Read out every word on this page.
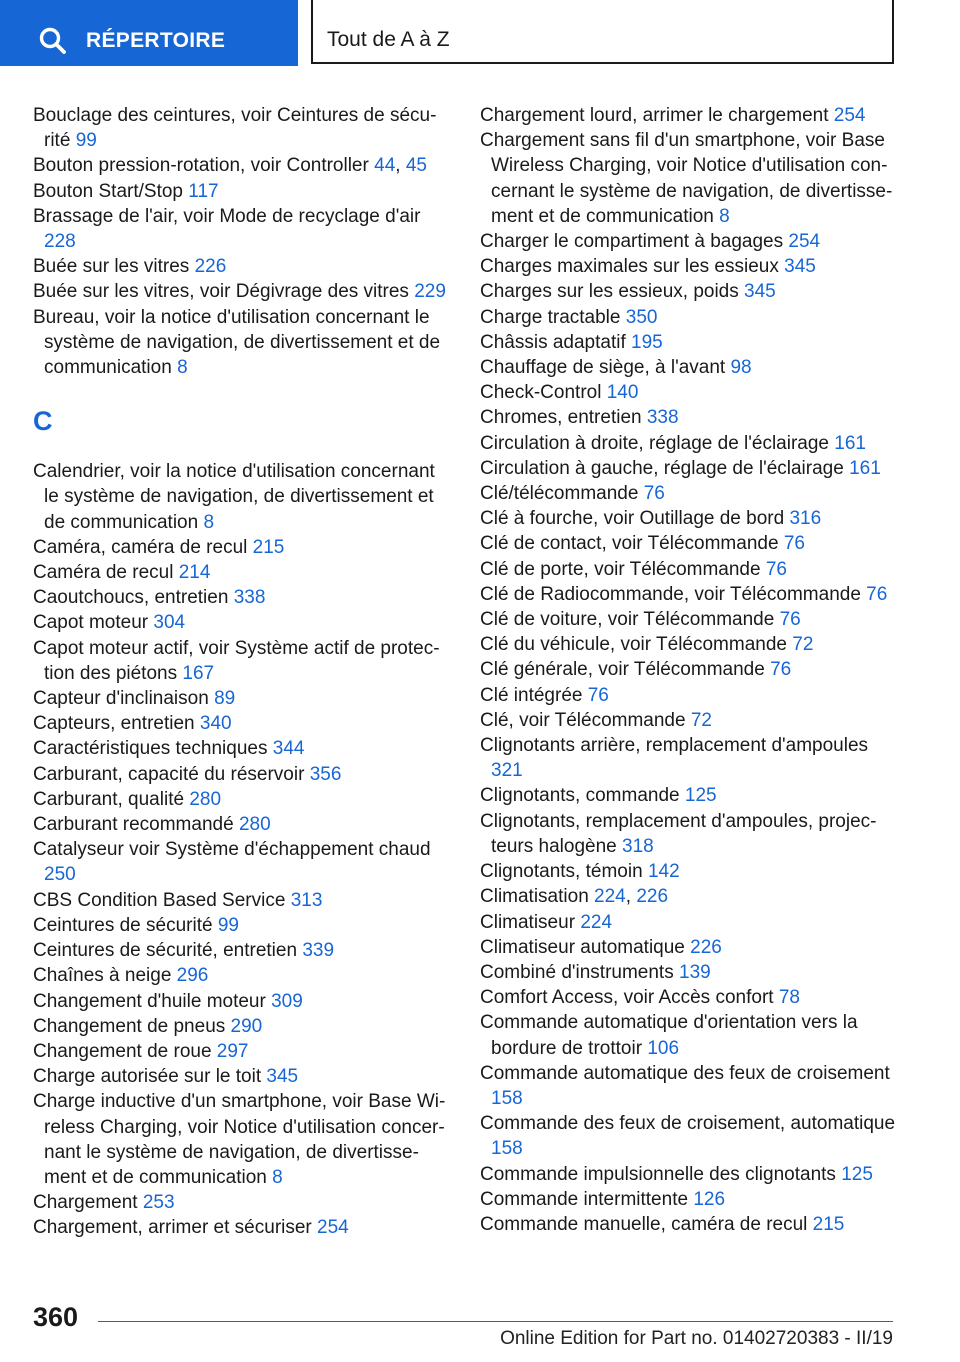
RÉPERTOIRE	Tout de A à Z
Bouclage des ceintures, voir Ceintures de sécurité 99
Bouton pression-rotation, voir Controller 44, 45
Bouton Start/Stop 117
Brassage de l'air, voir Mode de recyclage d'air 228
Buée sur les vitres 226
Buée sur les vitres, voir Dégivrage des vitres 229
Bureau, voir la notice d'utilisation concernant le système de navigation, de divertissement et de communication 8
C
Calendrier, voir la notice d'utilisation concernant le système de navigation, de divertissement et de communication 8
Caméra, caméra de recul 215
Caméra de recul 214
Caoutchoucs, entretien 338
Capot moteur 304
Capot moteur actif, voir Système actif de protection des piétons 167
Capteur d'inclinaison 89
Capteurs, entretien 340
Caractéristiques techniques 344
Carburant, capacité du réservoir 356
Carburant, qualité 280
Carburant recommandé 280
Catalyseur voir Système d'échappement chaud 250
CBS Condition Based Service 313
Ceintures de sécurité 99
Ceintures de sécurité, entretien 339
Chaînes à neige 296
Changement d'huile moteur 309
Changement de pneus 290
Changement de roue 297
Charge autorisée sur le toit 345
Charge inductive d'un smartphone, voir Base Wireless Charging, voir Notice d'utilisation concernant le système de navigation, de divertissement et de communication 8
Chargement 253
Chargement, arrimer et sécuriser 254
Chargement lourd, arrimer le chargement 254
Chargement sans fil d'un smartphone, voir Base Wireless Charging, voir Notice d'utilisation concernant le système de navigation, de divertissement et de communication 8
Charger le compartiment à bagages 254
Charges maximales sur les essieux 345
Charges sur les essieux, poids 345
Charge tractable 350
Châssis adaptatif 195
Chauffage de siège, à l'avant 98
Check-Control 140
Chromes, entretien 338
Circulation à droite, réglage de l'éclairage 161
Circulation à gauche, réglage de l'éclairage 161
Clé/télécommande 76
Clé à fourche, voir Outillage de bord 316
Clé de contact, voir Télécommande 76
Clé de porte, voir Télécommande 76
Clé de Radiocommande, voir Télécommande 76
Clé de voiture, voir Télécommande 76
Clé du véhicule, voir Télécommande 72
Clé générale, voir Télécommande 76
Clé intégrée 76
Clé, voir Télécommande 72
Clignotants arrière, remplacement d'ampoules 321
Clignotants, commande 125
Clignotants, remplacement d'ampoules, projecteurs halogène 318
Clignotants, témoin 142
Climatisation 224, 226
Climatiseur 224
Climatiseur automatique 226
Combiné d'instruments 139
Comfort Access, voir Accès confort 78
Commande automatique d'orientation vers la bordure de trottoir 106
Commande automatique des feux de croisement 158
Commande des feux de croisement, automatique 158
Commande impulsionnelle des clignotants 125
Commande intermittente 126
Commande manuelle, caméra de recul 215
360
Online Edition for Part no. 01402720383 - II/19
